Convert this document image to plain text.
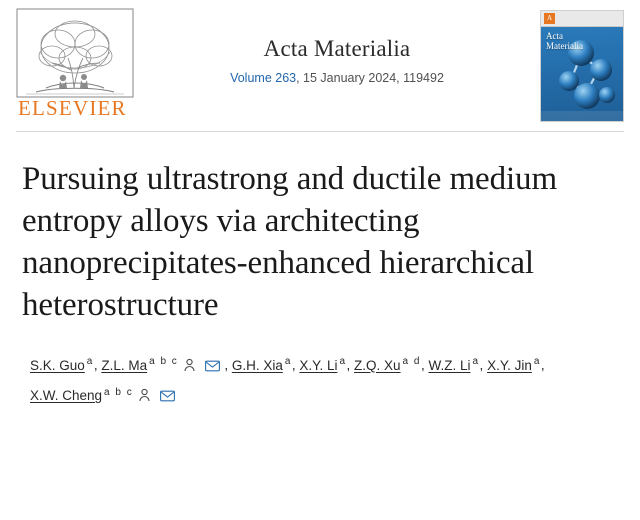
ELSEVIER
Acta Materialia
Volume 263, 15 January 2024, 119492
A
Acta
Materialia
Pursuing ultrastrong and ductile medium entropy alloys via architecting nanoprecipitates-enhanced hierarchical heterostructure
S.K. Guo $^a$, Z.L. Ma $^{a b c}$	, G.H. Xia $^a$, X.Y. Li $^a$, Z.Q. Xu $^{a d}$, W.Z. Li $^a$, X.Y. Jin $^a$, X.W. Cheng $^{a b c}$
